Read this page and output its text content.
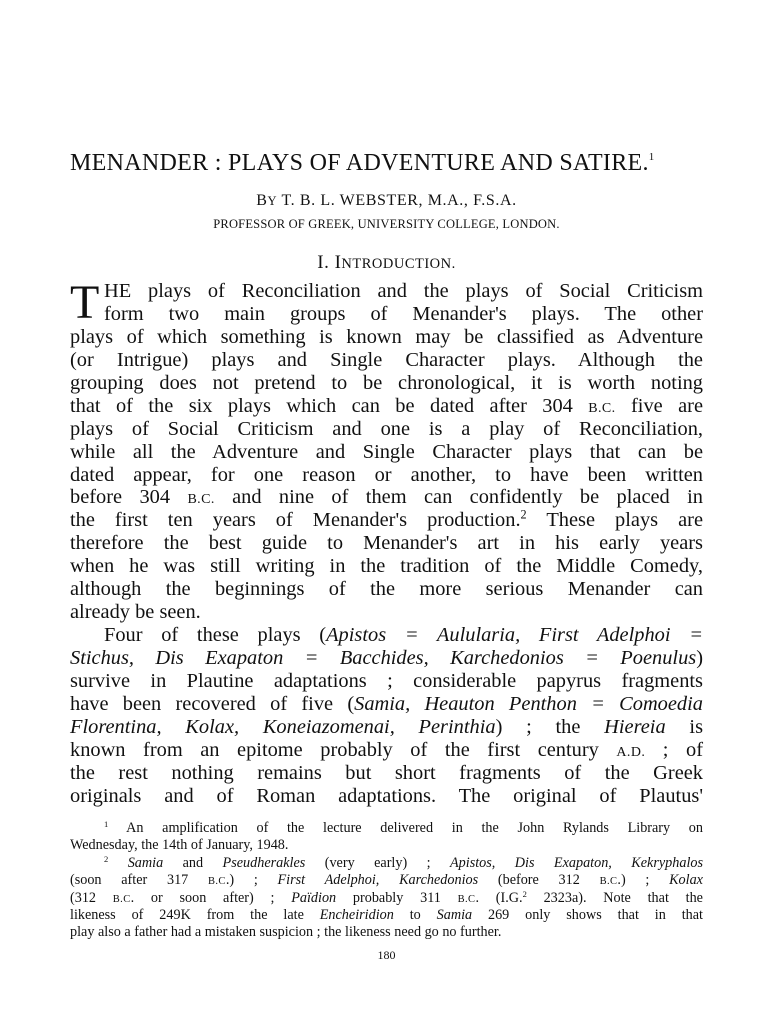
MENANDER : PLAYS OF ADVENTURE AND SATIRE.$^1$
BY T. B. L. WEBSTER, M.A., F.S.A.
PROFESSOR OF GREEK, UNIVERSITY COLLEGE, LONDON.
I. INTRODUCTION.
T HE plays of Reconciliation and the plays of Social Criticism
form two main groups of Menander's plays. The other
plays of which something is known may be classified as Adventure
(or Intrigue) plays and Single Character plays. Although the
grouping does not pretend to be chronological, it is worth noting
that of the six plays which can be dated after 304 B.C. five are
plays of Social Criticism and one is a play of Reconciliation,
while all the Adventure and Single Character plays that can be
dated appear, for one reason or another, to have been written
before 304 B.C. and nine of them can confidently be placed in
the first ten years of Menander's production.$^2$ These plays are
therefore the best guide to Menander's art in his early years
when he was still writing in the tradition of the Middle Comedy,
although the beginnings of the more serious Menander can
already be seen.
Four of these plays (Apistos = Aulularia, First Adelphoi =
Stichus, Dis Exapaton = Bacchides, Karchedonios = Poenulus)
survive in Plautine adaptations ; considerable papyrus fragments
have been recovered of five (Samia, Heauton Penthon = Comoedia
Florentina, Kolax, Koneiazomenai, Perinthia) ; the Hiereia is
known from an epitome probably of the first century A.D. ; of
the rest nothing remains but short fragments of the Greek
originals and of Roman adaptations. The original of Plautus'
$^1$ An amplification of the lecture delivered in the John Rylands Library on
Wednesday, the 14th of January, 1948.
$^2$ Samia and Pseudherakles (very early) ; Apistos, Dis Exapaton, Kekryphalos
(soon after 317 B.C.) ; First Adelphoi, Karchedonios (before 312 B.C.) ; Kolax
(312 B.C. or soon after) ; Païdion probably 311 B.C. (I.G.$^2$ 2323a). Note that the
likeness of 249K from the late Encheiridion to Samia 269 only shows that in that
play also a father had a mistaken suspicion ; the likeness need go no further.
180
